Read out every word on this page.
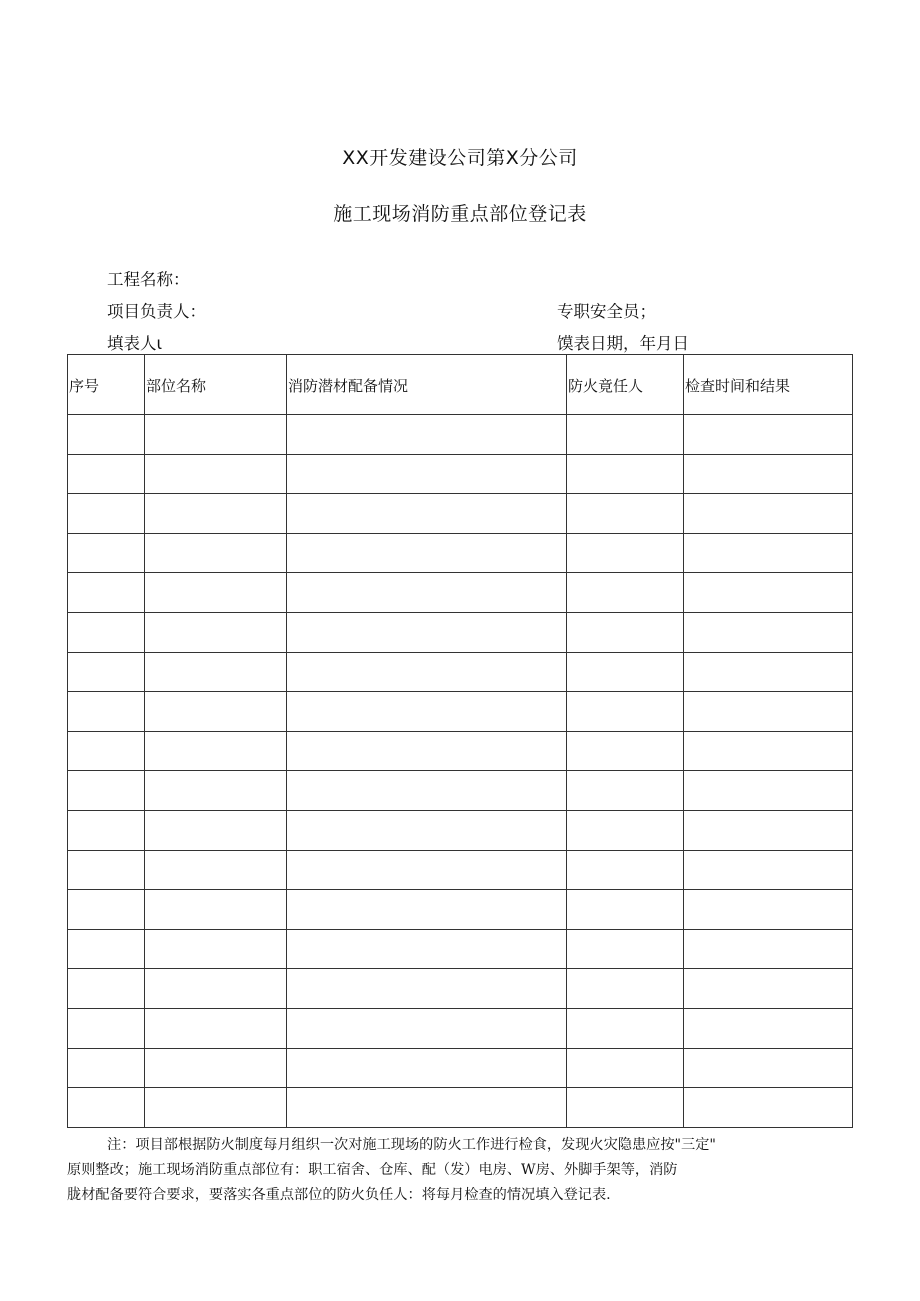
XX开发建设公司第X分公司
施工现场消防重点部位登记表
工程名称：
项目负责人：	专职安全员；
填表人ι	馍表日期，年月日
序号	部位名称	消防潜材配备情况	防火竟任人	检查时间和结果

注：项目部根据防火制度每月组织一次对施工现场的防火工作进行检食，发现火灾隐患应按"三定"

原则整改；施工现场消防重点部位有：职工宿舍、仓库、配（发）电房、W房、外脚手架等，消防

胧材配备要符合要求，要落实各重点部位的防火负任人：将每月检查的情况填入登记表.
